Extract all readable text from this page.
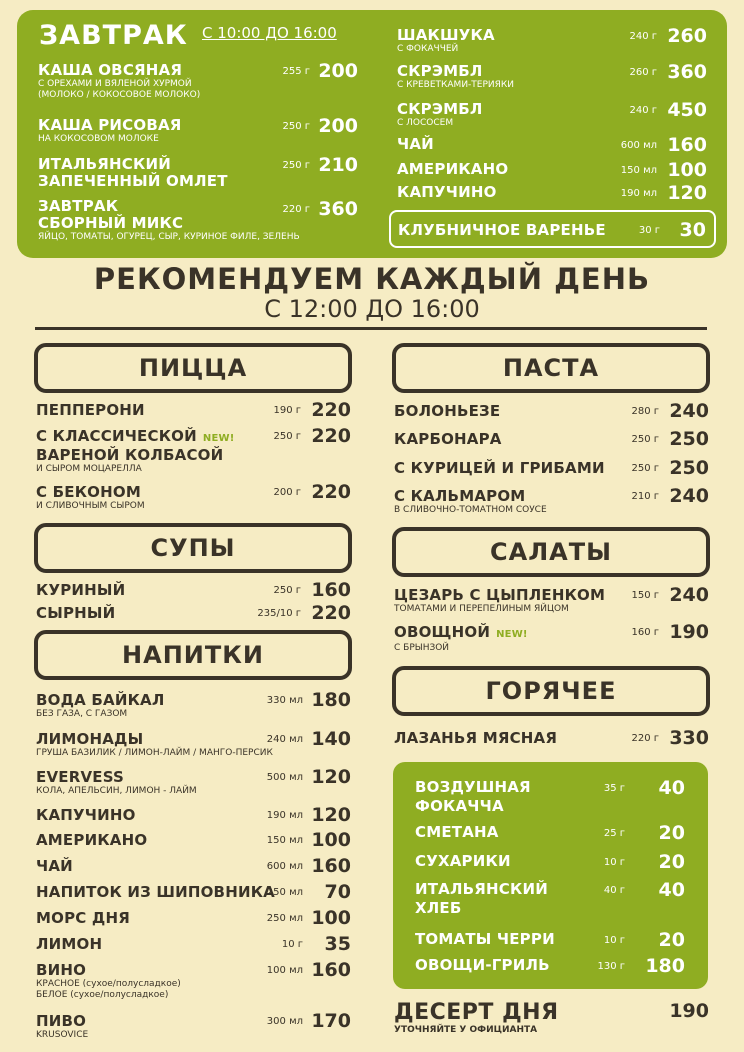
ЗАВТРАК С 10:00 ДО 16:00
КАША ОВСЯНАЯ
С ОРЕХАМИ И ВЯЛЕНОЙ ХУРМОЙ
(МОЛОКО / КОКОСОВОЕ МОЛОКО)
255 г 200
КАША РИСОВАЯ
НА КОКОСОВОМ МОЛОКЕ
250 г 200
ИТАЛЬЯНСКИЙ
ЗАПЕЧЕННЫЙ ОМЛЕТ
250 г 210
ЗАВТРАК
СБОРНЫЙ МИКС
ЯЙЦО, ТОМАТЫ, ОГУРЕЦ, СЫР, КУРИНОЕ ФИЛЕ, ЗЕЛЕНЬ
220 г 360
ШАКШУКА
С ФОКАЧЧЕЙ
240 г 260
СКРЭМБЛ
С КРЕВЕТКАМИ-ТЕРИЯКИ
260 г 360
СКРЭМБЛ
С ЛОСОСЕМ
240 г 450
ЧАЙ	600 мл 160
АМЕРИКАНО	150 мл 100
КАПУЧИНО	190 мл 120
КЛУБНИЧНОЕ ВАРЕНЬЕ	30 г 30
РЕКОМЕНДУЕМ КАЖДЫЙ ДЕНЬ
С 12:00 ДО 16:00
ПИЦЦА
ПЕППЕРОНИ	190 г 220
С КЛАССИЧЕСКОЙ NEW!
ВАРЕНОЙ КОЛБАСОЙ
И СЫРОМ МОЦАРЕЛЛА
250 г 220
С БЕКОНОМ
И СЛИВОЧНЫМ СЫРОМ
200 г 220
СУПЫ
КУРИНЫЙ	250 г 160
СЫРНЫЙ	235/10 г 220
НАПИТКИ
ВОДА БАЙКАЛ
БЕЗ ГАЗА, С ГАЗОМ
330 мл 180
ЛИМОНАДЫ
ГРУША БАЗИЛИК / ЛИМОН-ЛАЙМ / МАНГО-ПЕРСИК
240 мл 140
EVERVESS
КОЛА, АПЕЛЬСИН, ЛИМОН - ЛАЙМ
500 мл 120
КАПУЧИНО	190 мл 120
АМЕРИКАНО	150 мл 100
ЧАЙ	600 мл 160
НАПИТОК ИЗ ШИПОВНИКА
250 мл 70
МОРС ДНЯ	250 мл 100
ЛИМОН	10 г 35
ВИНО
КРАСНОЕ (сухое/полусладкое)
БЕЛОЕ (сухое/полусладкое)
100 мл 160
ПИВО
KRUSOVICE
300 мл 170
ПАСТА
БОЛОНЬЕЗЕ	280 г 240
КАРБОНАРА	250 г 250
С КУРИЦЕЙ И ГРИБАМИ	250 г 250
С КАЛЬМАРОМ
В СЛИВОЧНО-ТОМАТНОМ СОУСЕ
210 г 240
САЛАТЫ
ЦЕЗАРЬ С ЦЫПЛЕНКОМ
ТОМАТАМИ И ПЕРЕПЕЛИНЫМ ЯЙЦОМ
150 г 240
ОВОЩНОЙ NEW!
С БРЫНЗОЙ
160 г 190
ГОРЯЧЕЕ
ЛАЗАНЬЯ МЯСНАЯ	220 г 330
ВОЗДУШНАЯ
ФОКАЧЧА
35 г 40
СМЕТАНА	25 г 20
СУХАРИКИ	10 г 20
ИТАЛЬЯНСКИЙ
ХЛЕБ
40 г 40
ТОМАТЫ ЧЕРРИ	10 г 20
ОВОЩИ-ГРИЛЬ	130 г 180
ДЕСЕРТ ДНЯ
УТОЧНЯЙТЕ У ОФИЦИАНТА
190
